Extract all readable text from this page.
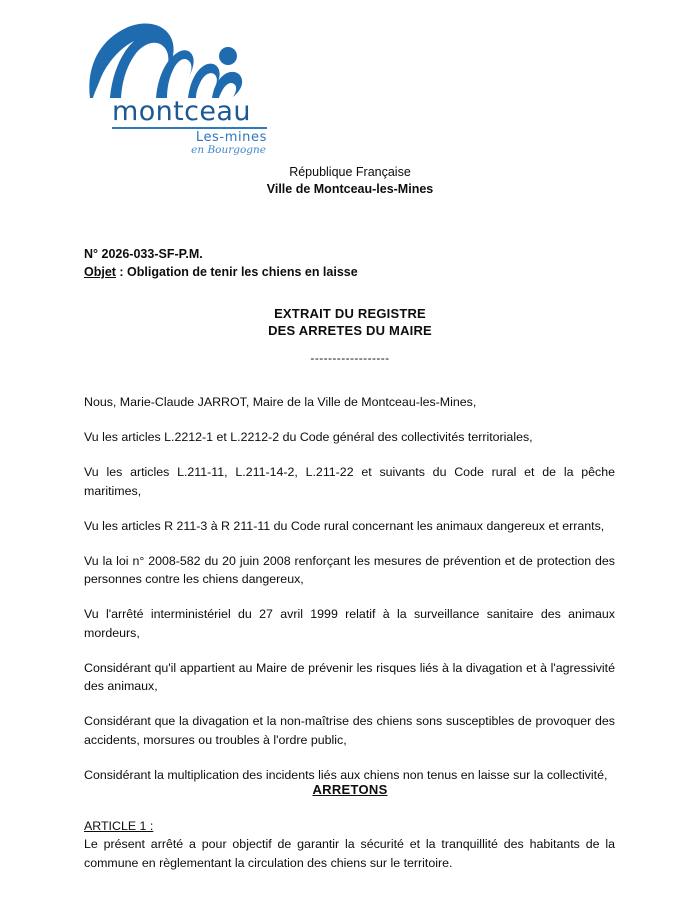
montceau
Les-mines
en Bourgogne
République Française
Ville de Montceau-les-Mines
N° 2026-033-SF-P.M.
Objet : Obligation de tenir les chiens en laisse
EXTRAIT DU REGISTRE
DES ARRETES DU MAIRE
------------------

Nous, Marie-Claude JARROT, Maire de la Ville de Montceau-les-Mines,

Vu les articles L.2212-1 et L.2212-2 du Code général des collectivités territoriales,

Vu les articles L.211-11, L.211-14-2, L.211-22 et suivants du Code rural et de la pêche maritimes,

Vu les articles R 211-3 à R 211-11 du Code rural concernant les animaux dangereux et errants,

Vu la loi n° 2008-582 du 20 juin 2008 renforçant les mesures de prévention et de protection des personnes contre les chiens dangereux,

Vu l'arrêté interministériel du 27 avril 1999 relatif à la surveillance sanitaire des animaux mordeurs,

Considérant qu'il appartient au Maire de prévenir les risques liés à la divagation et à l'agressivité des animaux,

Considérant que la divagation et la non-maîtrise des chiens sons susceptibles de provoquer des accidents, morsures ou troubles à l'ordre public,

Considérant la multiplication des incidents liés aux chiens non tenus en laisse sur la collectivité,

ARRETONS

ARTICLE 1 :

Le présent arrêté a pour objectif de garantir la sécurité et la tranquillité des habitants de la commune en règlementant la circulation des chiens sur le territoire.
